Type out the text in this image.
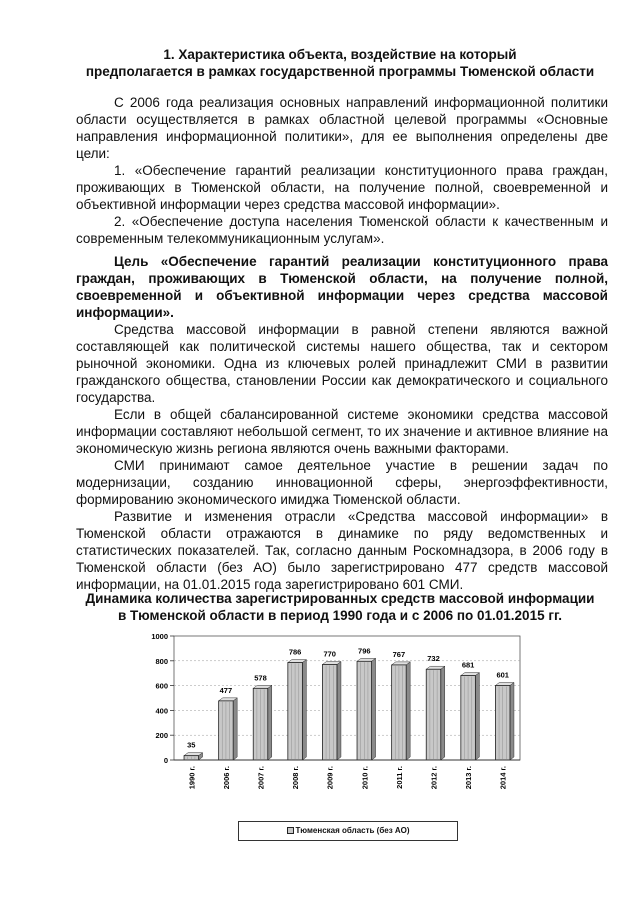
1. Характеристика объекта, воздействие на который
предполагается в рамках государственной программы Тюменской области

С 2006 года реализация основных направлений информационной политики области осуществляется в рамках областной целевой программы «Основные направления информационной политики», для ее выполнения определены две цели:

1. «Обеспечение гарантий реализации конституционного права граждан, проживающих в Тюменской области, на получение полной, своевременной и объективной информации через средства массовой информации».

2. «Обеспечение доступа населения Тюменской области к качественным и современным телекоммуникационным услугам».

Цель «Обеспечение гарантий реализации конституционного права граждан, проживающих в Тюменской области, на получение полной, своевременной и объективной информации через средства массовой информации».

Средства массовой информации в равной степени являются важной составляющей как политической системы нашего общества, так и сектором рыночной экономики. Одна из ключевых ролей принадлежит СМИ в развитии гражданского общества, становлении России как демократического и социального государства.

Если в общей сбалансированной системе экономики средства массовой информации составляют небольшой сегмент, то их значение и активное влияние на экономическую жизнь региона являются очень важными факторами.

СМИ принимают самое деятельное участие в решении задач по модернизации, созданию инновационной сферы, энергоэффективности, формированию экономического имиджа Тюменской области.

Развитие и изменения отрасли «Средства массовой информации» в Тюменской области отражаются в динамике по ряду ведомственных и статистических показателей. Так, согласно данным Роскомнадзора, в 2006 году в Тюменской области (без АО) было зарегистрировано 477 средств массовой информации, на 01.01.2015 года зарегистрировано 601 СМИ.

Динамика количества зарегистрированных средств массовой информации
в Тюменской области в период 1990 года и с 2006 по 01.01.2015 гг.
0
200
400
600
800
1000
35
1990 г.
477
2006 г.
578
2007 г.
786
2008 г.
770
2009 г.
796
2010 г.
767
2011 г.
732
2012 г.
681
2013 г.
601
2014 г.
Тюменская область (без АО)
